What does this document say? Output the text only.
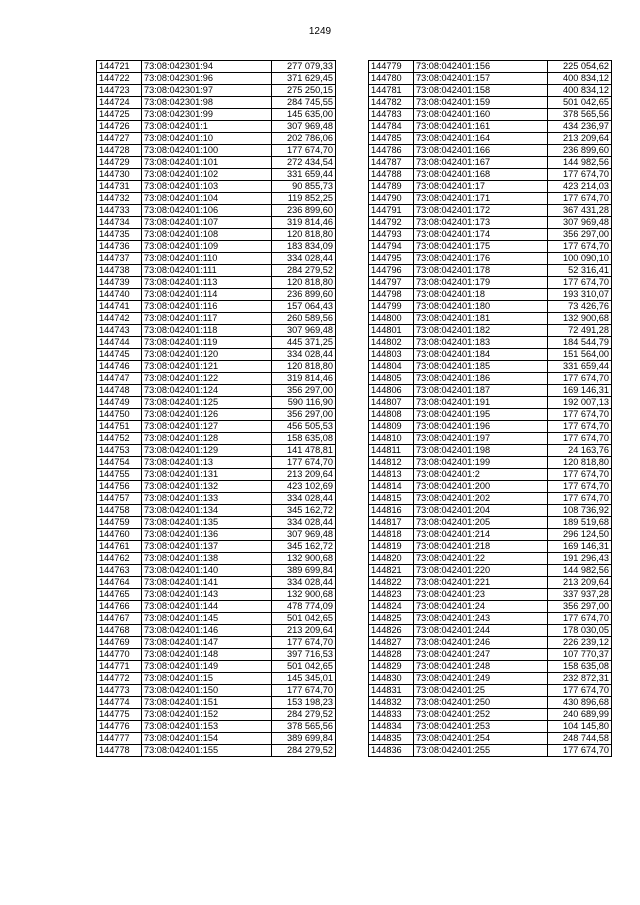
1249
144721	73:08:042301:94	277 079,33
144722	73:08:042301:96	371 629,45
144723	73:08:042301:97	275 250,15
144724	73:08:042301:98	284 745,55
144725	73:08:042301:99	145 635,00
144726	73:08:042401:1	307 969,48
144727	73:08:042401:10	202 786,06
144728	73:08:042401:100	177 674,70
144729	73:08:042401:101	272 434,54
144730	73:08:042401:102	331 659,44
144731	73:08:042401:103	90 855,73
144732	73:08:042401:104	119 852,25
144733	73:08:042401:106	236 899,60
144734	73:08:042401:107	319 814,46
144735	73:08:042401:108	120 818,80
144736	73:08:042401:109	183 834,09
144737	73:08:042401:110	334 028,44
144738	73:08:042401:111	284 279,52
144739	73:08:042401:113	120 818,80
144740	73:08:042401:114	236 899,60
144741	73:08:042401:116	157 064,43
144742	73:08:042401:117	260 589,56
144743	73:08:042401:118	307 969,48
144744	73:08:042401:119	445 371,25
144745	73:08:042401:120	334 028,44
144746	73:08:042401:121	120 818,80
144747	73:08:042401:122	319 814,46
144748	73:08:042401:124	356 297,00
144749	73:08:042401:125	590 116,90
144750	73:08:042401:126	356 297,00
144751	73:08:042401:127	456 505,53
144752	73:08:042401:128	158 635,08
144753	73:08:042401:129	141 478,81
144754	73:08:042401:13	177 674,70
144755	73:08:042401:131	213 209,64
144756	73:08:042401:132	423 102,69
144757	73:08:042401:133	334 028,44
144758	73:08:042401:134	345 162,72
144759	73:08:042401:135	334 028,44
144760	73:08:042401:136	307 969,48
144761	73:08:042401:137	345 162,72
144762	73:08:042401:138	132 900,68
144763	73:08:042401:140	389 699,84
144764	73:08:042401:141	334 028,44
144765	73:08:042401:143	132 900,68
144766	73:08:042401:144	478 774,09
144767	73:08:042401:145	501 042,65
144768	73:08:042401:146	213 209,64
144769	73:08:042401:147	177 674,70
144770	73:08:042401:148	397 716,53
144771	73:08:042401:149	501 042,65
144772	73:08:042401:15	145 345,01
144773	73:08:042401:150	177 674,70
144774	73:08:042401:151	153 198,23
144775	73:08:042401:152	284 279,52
144776	73:08:042401:153	378 565,56
144777	73:08:042401:154	389 699,84
144778	73:08:042401:155	284 279,52
144779	73:08:042401:156	225 054,62
144780	73:08:042401:157	400 834,12
144781	73:08:042401:158	400 834,12
144782	73:08:042401:159	501 042,65
144783	73:08:042401:160	378 565,56
144784	73:08:042401:161	434 236,97
144785	73:08:042401:164	213 209,64
144786	73:08:042401:166	236 899,60
144787	73:08:042401:167	144 982,56
144788	73:08:042401:168	177 674,70
144789	73:08:042401:17	423 214,03
144790	73:08:042401:171	177 674,70
144791	73:08:042401:172	367 431,28
144792	73:08:042401:173	307 969,48
144793	73:08:042401:174	356 297,00
144794	73:08:042401:175	177 674,70
144795	73:08:042401:176	100 090,10
144796	73:08:042401:178	52 316,41
144797	73:08:042401:179	177 674,70
144798	73:08:042401:18	193 310,07
144799	73:08:042401:180	73 426,76
144800	73:08:042401:181	132 900,68
144801	73:08:042401:182	72 491,28
144802	73:08:042401:183	184 544,79
144803	73:08:042401:184	151 564,00
144804	73:08:042401:185	331 659,44
144805	73:08:042401:186	177 674,70
144806	73:08:042401:187	169 146,31
144807	73:08:042401:191	192 007,13
144808	73:08:042401:195	177 674,70
144809	73:08:042401:196	177 674,70
144810	73:08:042401:197	177 674,70
144811	73:08:042401:198	24 163,76
144812	73:08:042401:199	120 818,80
144813	73:08:042401:2	177 674,70
144814	73:08:042401:200	177 674,70
144815	73:08:042401:202	177 674,70
144816	73:08:042401:204	108 736,92
144817	73:08:042401:205	189 519,68
144818	73:08:042401:214	296 124,50
144819	73:08:042401:218	169 146,31
144820	73:08:042401:22	191 296,43
144821	73:08:042401:220	144 982,56
144822	73:08:042401:221	213 209,64
144823	73:08:042401:23	337 937,28
144824	73:08:042401:24	356 297,00
144825	73:08:042401:243	177 674,70
144826	73:08:042401:244	178 030,05
144827	73:08:042401:246	226 239,12
144828	73:08:042401:247	107 770,37
144829	73:08:042401:248	158 635,08
144830	73:08:042401:249	232 872,31
144831	73:08:042401:25	177 674,70
144832	73:08:042401:250	430 896,68
144833	73:08:042401:252	240 689,99
144834	73:08:042401:253	104 145,80
144835	73:08:042401:254	248 744,58
144836	73:08:042401:255	177 674,70
